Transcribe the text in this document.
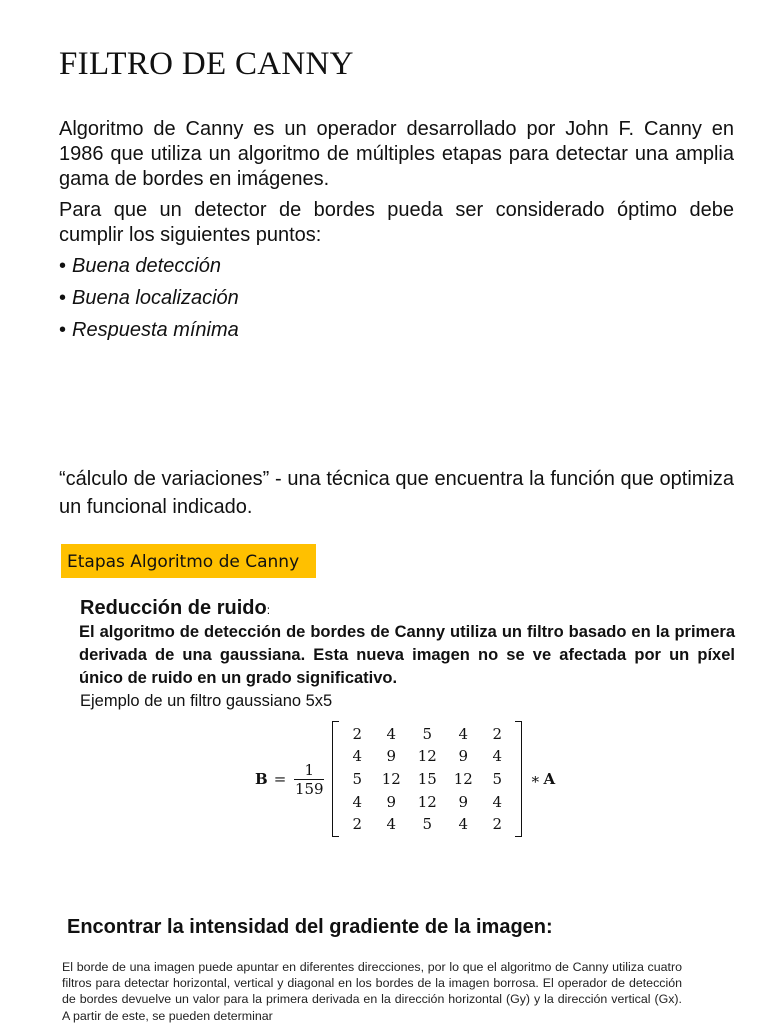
FILTRO DE CANNY

Algoritmo de Canny es un operador desarrollado por John F. Canny en 1986 que utiliza un algoritmo de múltiples etapas para detectar una amplia gama de bordes en imágenes.

Para que un detector de bordes pueda ser considerado óptimo debe cumplir los siguientes puntos:

• Buena detección
• Buena localización
• Respuesta mínima

“cálculo de variaciones” - una técnica que encuentra la función que optimiza un funcional indicado.

Etapas Algoritmo de Canny
Reducción de ruido:

El algoritmo de detección de bordes de Canny utiliza un filtro basado en la primera derivada de una gaussiana. Esta nueva imagen no se ve afectada por un píxel único de ruido en un grado significativo.

Ejemplo de un filtro gaussiano 5x5
$B = \frac{1}{159}$
2	4	5	4	2
4	9	12	9	4
5	12	15	12	5
4	9	12	9	4
2	4	5	4	2
∗ A
Encontrar la intensidad del gradiente de la imagen:

El borde de una imagen puede apuntar en diferentes direcciones, por lo que el algoritmo de Canny utiliza cuatro filtros para detectar horizontal, vertical y diagonal en los bordes de la imagen borrosa. El operador de detección de bordes devuelve un valor para la primera derivada en la dirección horizontal (Gy) y la dirección vertical (Gx). A partir de este, se pueden determinar
